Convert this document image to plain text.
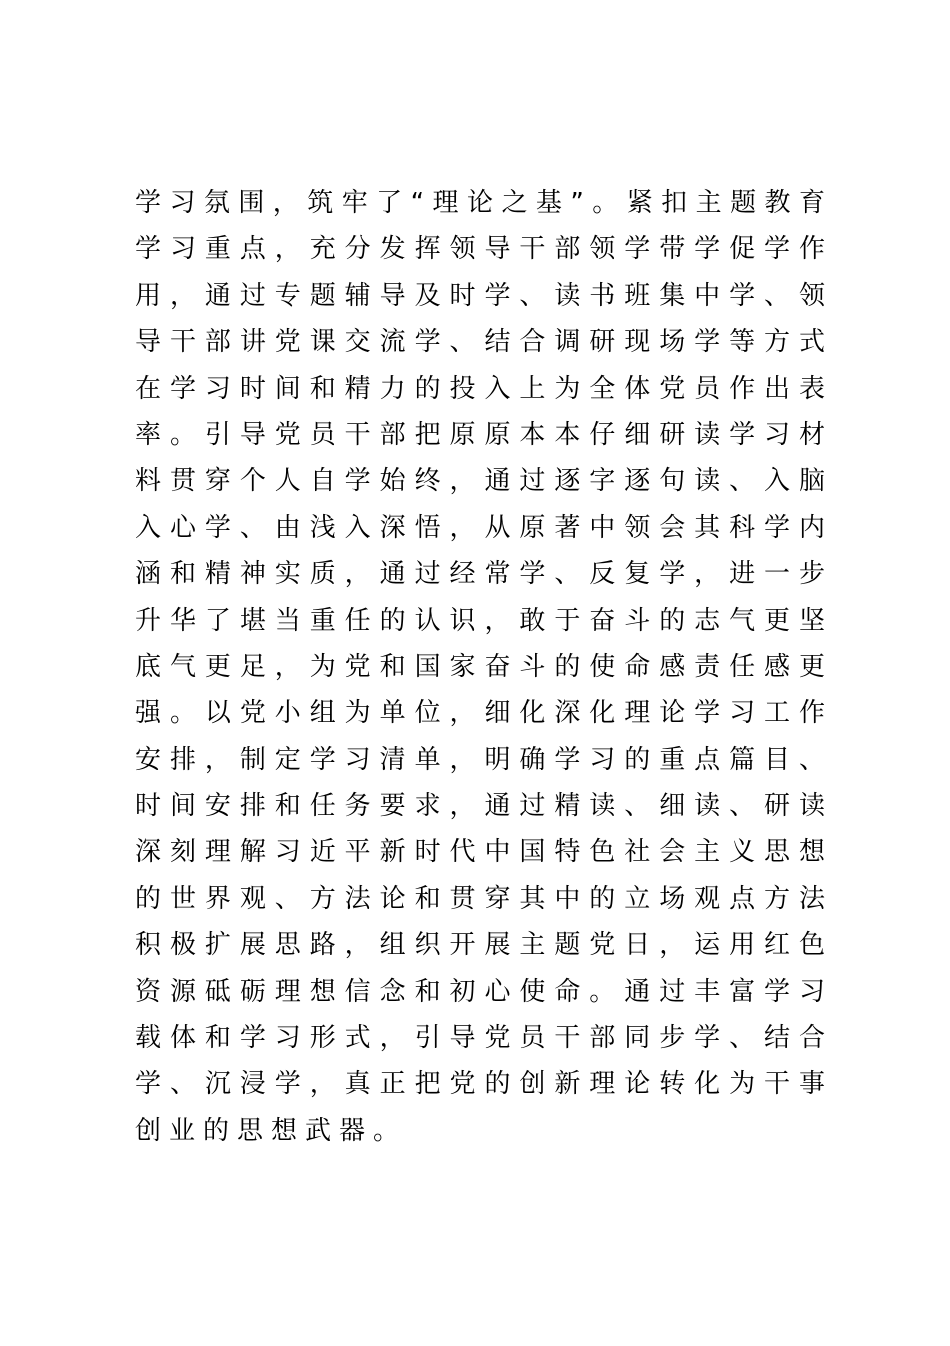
学习氛围，筑牢了“理论之基”。紧扣主题教育
学习重点，充分发挥领导干部领学带学促学作
用，通过专题辅导及时学、读书班集中学、领
导干部讲党课交流学、结合调研现场学等方式
在学习时间和精力的投入上为全体党员作出表
率。引导党员干部把原原本本仔细研读学习材
料贯穿个人自学始终，通过逐字逐句读、入脑
入心学、由浅入深悟，从原著中领会其科学内
涵和精神实质，通过经常学、反复学，进一步
升华了堪当重任的认识，敢于奋斗的志气更坚
底气更足，为党和国家奋斗的使命感责任感更
强。以党小组为单位，细化深化理论学习工作
安排，制定学习清单，明确学习的重点篇目、
时间安排和任务要求，通过精读、细读、研读
深刻理解习近平新时代中国特色社会主义思想
的世界观、方法论和贯穿其中的立场观点方法
积极扩展思路，组织开展主题党日，运用红色
资源砥砺理想信念和初心使命。通过丰富学习
载体和学习形式，引导党员干部同步学、结合
学、沉浸学，真正把党的创新理论转化为干事
创业的思想武器。
